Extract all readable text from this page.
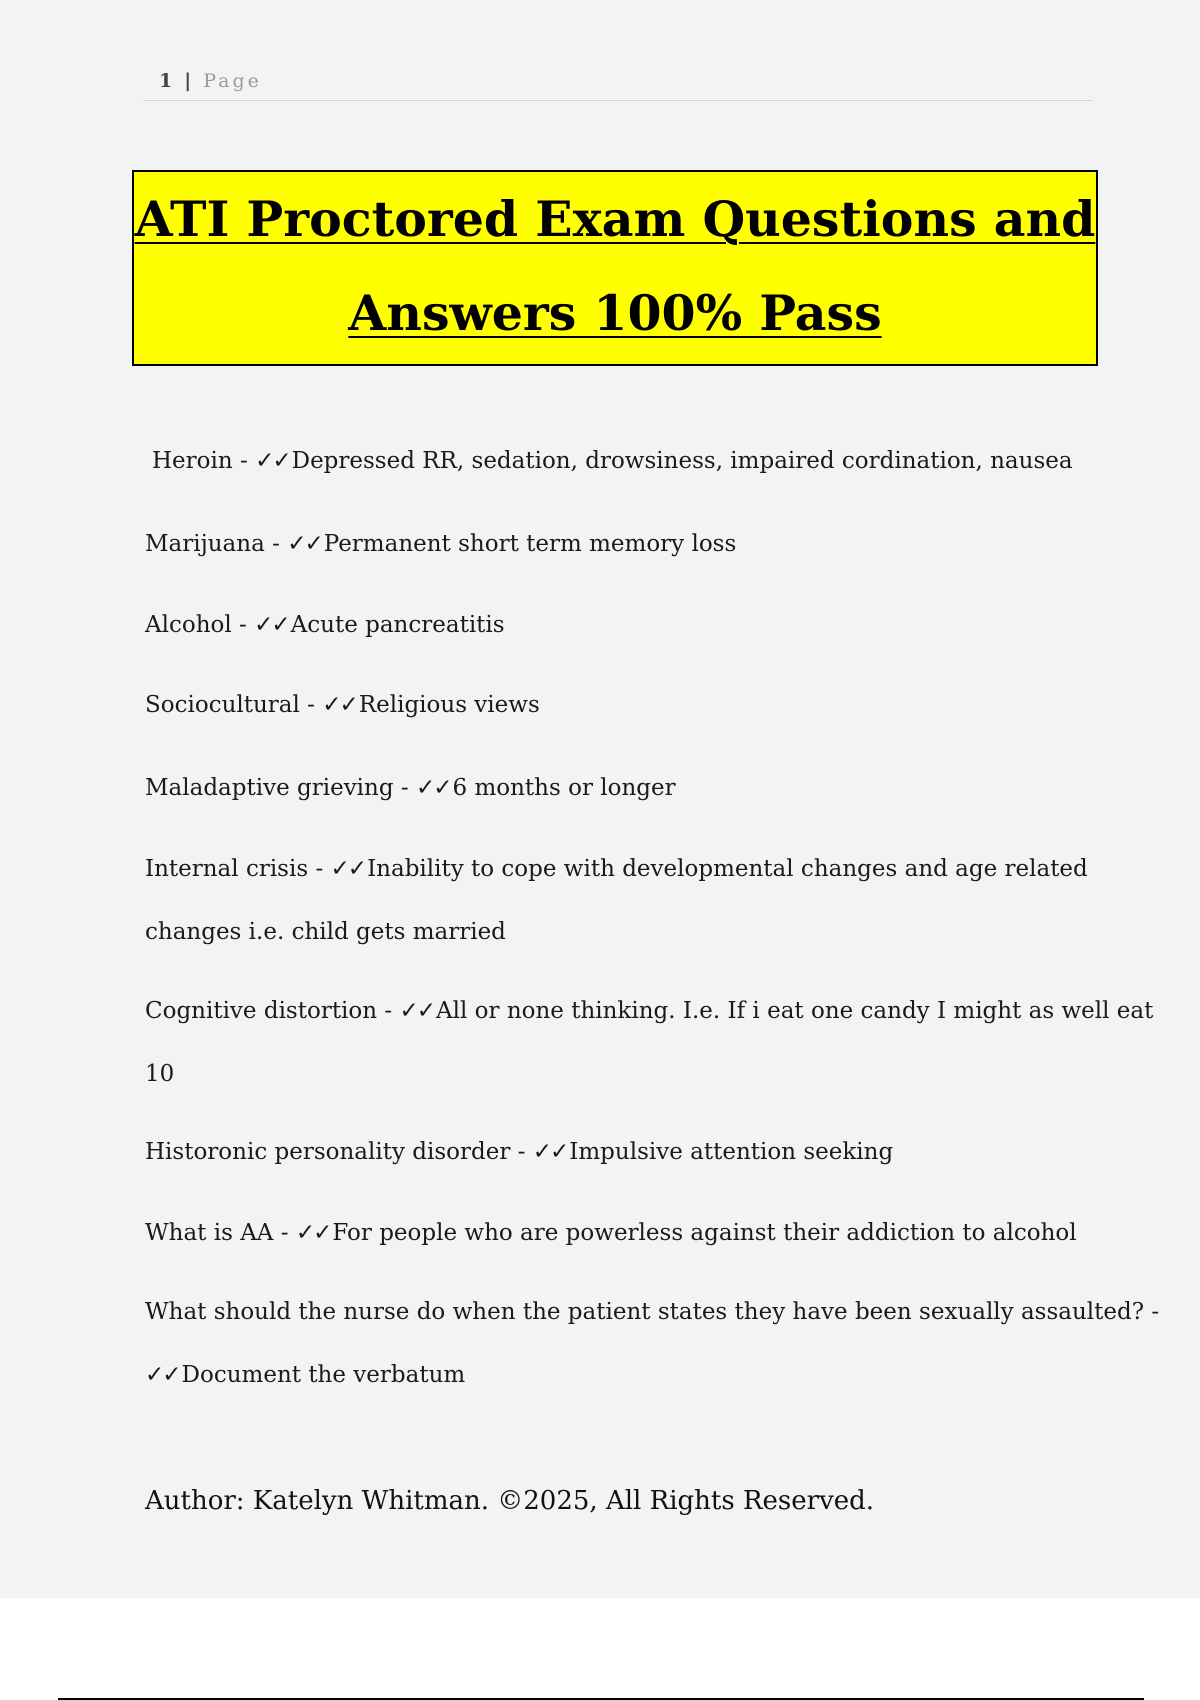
1 | Page
ATI Proctored Exam Questions and
Answers 100% Pass
Heroin - ✓✓Depressed RR, sedation, drowsiness, impaired cordination, nausea
Marijuana - ✓✓Permanent short term memory loss
Alcohol - ✓✓Acute pancreatitis
Sociocultural - ✓✓Religious views
Maladaptive grieving - ✓✓6 months or longer
Internal crisis - ✓✓Inability to cope with developmental changes and age related
changes i.e. child gets married
Cognitive distortion - ✓✓All or none thinking. I.e. If i eat one candy I might as well eat
10
Historonic personality disorder - ✓✓Impulsive attention seeking
What is AA - ✓✓For people who are powerless against their addiction to alcohol
What should the nurse do when the patient states they have been sexually assaulted? -
✓✓Document the verbatum
Author: Katelyn Whitman. ©2025, All Rights Reserved.
